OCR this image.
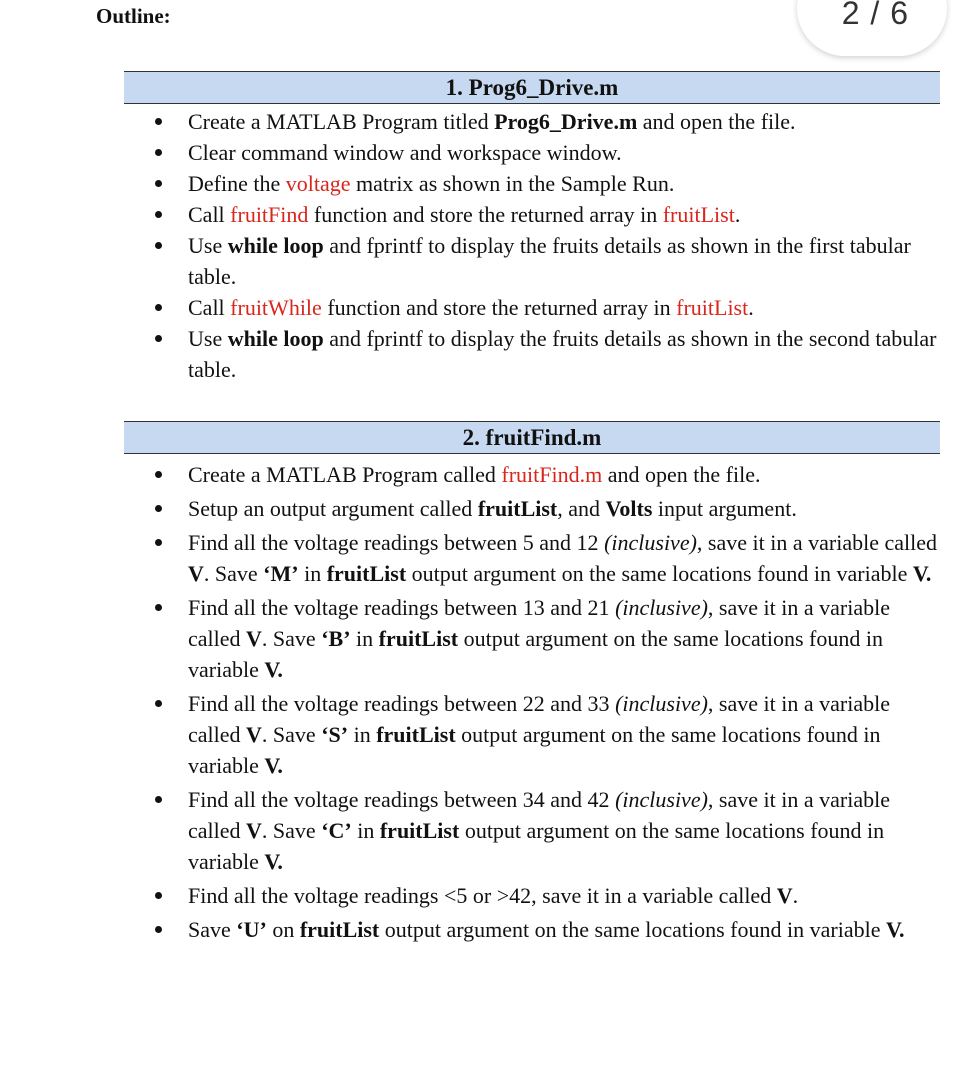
Outline:	2 / 6
1. Prog6_Drive.m
Create a MATLAB Program titled Prog6_Drive.m and open the file.
Clear command window and workspace window.
Define the voltage matrix as shown in the Sample Run.
Call fruitFind function and store the returned array in fruitList.
Use while loop and fprintf to display the fruits details as shown in the first tabular table.
Call fruitWhile function and store the returned array in fruitList.
Use while loop and fprintf to display the fruits details as shown in the second tabular table.
2. fruitFind.m
Create a MATLAB Program called fruitFind.m and open the file.
Setup an output argument called fruitList, and Volts input argument.
Find all the voltage readings between 5 and 12 (inclusive), save it in a variable called V. Save ‘M’ in fruitList output argument on the same locations found in variable V.
Find all the voltage readings between 13 and 21 (inclusive), save it in a variable called V. Save ‘B’ in fruitList output argument on the same locations found in variable V.
Find all the voltage readings between 22 and 33 (inclusive), save it in a variable called V. Save ‘S’ in fruitList output argument on the same locations found in variable V.
Find all the voltage readings between 34 and 42 (inclusive), save it in a variable called V. Save ‘C’ in fruitList output argument on the same locations found in variable V.
Find all the voltage readings <5 or >42, save it in a variable called V.
Save ‘U’ on fruitList output argument on the same locations found in variable V.
